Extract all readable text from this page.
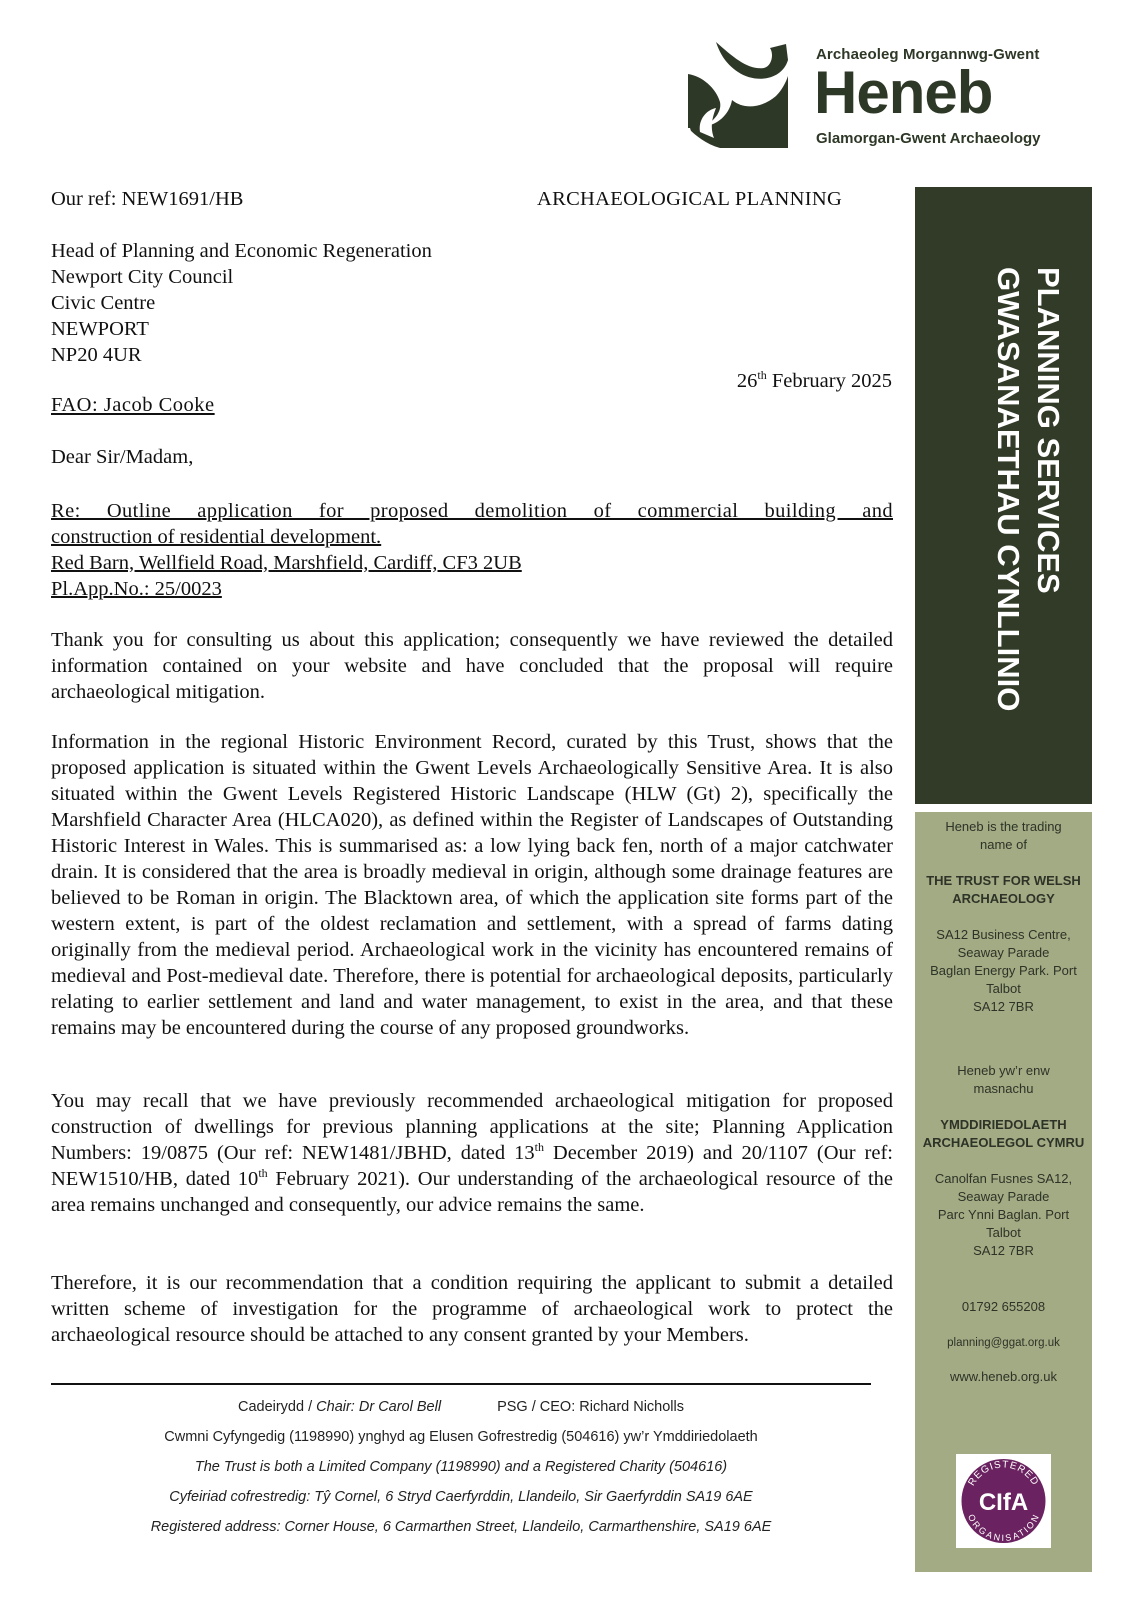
Archaeoleg Morgannwg-Gwent
Heneb
Glamorgan-Gwent Archaeology
PLANNING SERVICES
GWASANAETHAU CYNLLINIO
Heneb is the trading
name of
THE TRUST FOR WELSH
ARCHAEOLOGY
SA12 Business Centre,
Seaway Parade
Baglan Energy Park. Port
Talbot
SA12 7BR
Heneb yw’r enw
masnachu
YMDDIRIEDOLAETH
ARCHAEOLEGOL CYMRU
Canolfan Fusnes SA12,
Seaway Parade
Parc Ynni Baglan. Port
Talbot
SA12 7BR
01792 655208
planning@ggat.org.uk
www.heneb.org.uk
REGISTERED
ORGANISATION
CIfA
Our ref: NEW1691/HB	ARCHAEOLOGICAL PLANNING
Head of Planning and Economic Regeneration
Newport City Council
Civic Centre
NEWPORT
NP20 4UR
26th February 2025
FAO: Jacob Cooke
Dear Sir/Madam,
Re: Outline application for proposed demolition of commercial building and
construction of residential development.
Red Barn, Wellfield Road, Marshfield, Cardiff, CF3 2UB
Pl.App.No.: 25/0023
Thank you for consulting us about this application; consequently we have reviewed the detailed information contained on your website and have concluded that the proposal will require archaeological mitigation.
Information in the regional Historic Environment Record, curated by this Trust, shows that the proposed application is situated within the Gwent Levels Archaeologically Sensitive Area. It is also situated within the Gwent Levels Registered Historic Landscape (HLW (Gt) 2), specifically the Marshfield Character Area (HLCA020), as defined within the Register of Landscapes of Outstanding Historic Interest in Wales. This is summarised as: a low lying back fen, north of a major catchwater drain. It is considered that the area is broadly medieval in origin, although some drainage features are believed to be Roman in origin. The Blacktown area, of which the application site forms part of the western extent, is part of the oldest reclamation and settlement, with a spread of farms dating originally from the medieval period. Archaeological work in the vicinity has encountered remains of medieval and Post-medieval date. Therefore, there is potential for archaeological deposits, particularly relating to earlier settlement and land and water management, to exist in the area, and that these remains may be encountered during the course of any proposed groundworks.
You may recall that we have previously recommended archaeological mitigation for proposed construction of dwellings for previous planning applications at the site; Planning Application Numbers: 19/0875 (Our ref: NEW1481/JBHD, dated 13th December 2019) and 20/1107 (Our ref: NEW1510/HB, dated 10th February 2021). Our understanding of the archaeological resource of the area remains unchanged and consequently, our advice remains the same.
Therefore, it is our recommendation that a condition requiring the applicant to submit a detailed written scheme of investigation for the programme of archaeological work to protect the archaeological resource should be attached to any consent granted by your Members.
Cadeirydd / Chair: Dr Carol Bell	PSG / CEO: Richard Nicholls
Cwmni Cyfyngedig (1198990) ynghyd ag Elusen Gofrestredig (504616) yw’r Ymddiriedolaeth
The Trust is both a Limited Company (1198990) and a Registered Charity (504616)
Cyfeiriad cofrestredig: Tŷ Cornel, 6 Stryd Caerfyrddin, Llandeilo, Sir Gaerfyrddin SA19 6AE
Registered address: Corner House, 6 Carmarthen Street, Llandeilo, Carmarthenshire, SA19 6AE
